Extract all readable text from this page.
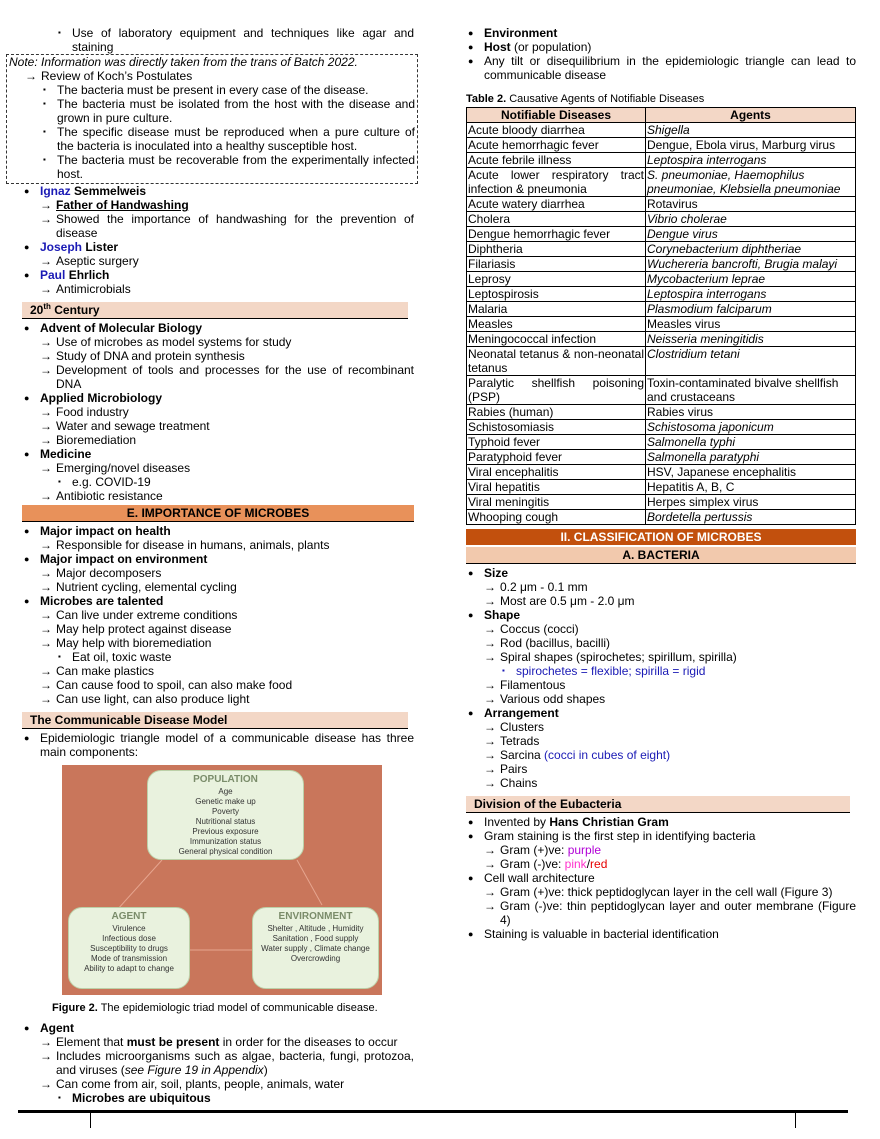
▪ Use of laboratory equipment and techniques like agar and staining
Note: Information was directly taken from the trans of Batch 2022.
→ Review of Koch’s Postulates
▪ The bacteria must be present in every case of the disease.
▪ The bacteria must be isolated from the host with the disease and grown in pure culture.
▪ The specific disease must be reproduced when a pure culture of the bacteria is inoculated into a healthy susceptible host.
▪ The bacteria must be recoverable from the experimentally infected host.
● Ignaz Semmelweis
→ Father of Handwashing
→ Showed the importance of handwashing for the prevention of disease
● Joseph Lister
→ Aseptic surgery
● Paul Ehrlich
→ Antimicrobials
20th Century
● Advent of Molecular Biology
→ Use of microbes as model systems for study
→ Study of DNA and protein synthesis
→ Development of tools and processes for the use of recombinant DNA
● Applied Microbiology
→ Food industry
→ Water and sewage treatment
→ Bioremediation
● Medicine
→ Emerging/novel diseases
▪ e.g. COVID-19
→ Antibiotic resistance
E. IMPORTANCE OF MICROBES
● Major impact on health
→ Responsible for disease in humans, animals, plants
● Major impact on environment
→ Major decomposers
→ Nutrient cycling, elemental cycling
● Microbes are talented
→ Can live under extreme conditions
→ May help protect against disease
→ May help with bioremediation
▪ Eat oil, toxic waste
→ Can make plastics
→ Can cause food to spoil, can also make food
→ Can use light, can also produce light
The Communicable Disease Model
● Epidemiologic triangle model of a communicable disease has three main components:
POPULATION
Age
Genetic make up
Poverty
Nutritional status
Previous exposure
Immunization status
General physical condition
AGENT
Virulence
Infectious dose
Susceptibility to drugs
Mode of transmission
Ability to adapt to change
ENVIRONMENT
Shelter , Altitude , Humidity
Sanitation , Food supply
Water supply , Climate change
Overcrowding
Figure 2. The epidemiologic triad model of communicable disease.
● Agent
→ Element that must be present in order for the diseases to occur
→ Includes microorganisms such as algae, bacteria, fungi, protozoa, and viruses (see Figure 19 in Appendix)
→ Can come from air, soil, plants, people, animals, water
▪ Microbes are ubiquitous
● Environment
● Host (or population)
● Any tilt or disequilibrium in the epidemiologic triangle can lead to communicable disease
Table 2. Causative Agents of Notifiable Diseases
Notifiable Diseases	Agents
Acute bloody diarrhea	Shigella
Acute hemorrhagic fever	Dengue, Ebola virus, Marburg virus
Acute febrile illness	Leptospira interrogans
Acute lower respiratory tract infection & pneumonia	S. pneumoniae, Haemophilus pneumoniae, Klebsiella pneumoniae
Acute watery diarrhea	Rotavirus
Cholera	Vibrio cholerae
Dengue hemorrhagic fever	Dengue virus
Diphtheria	Corynebacterium diphtheriae
Filariasis	Wuchereria bancrofti, Brugia malayi
Leprosy	Mycobacterium leprae
Leptospirosis	Leptospira interrogans
Malaria	Plasmodium falciparum
Measles	Measles virus
Meningococcal infection	Neisseria meningitidis
Neonatal tetanus & non-neonatal tetanus	Clostridium tetani
Paralytic shellfish poisoning (PSP)	Toxin-contaminated bivalve shellfish and crustaceans
Rabies (human)	Rabies virus
Schistosomiasis	Schistosoma japonicum
Typhoid fever	Salmonella typhi
Paratyphoid fever	Salmonella paratyphi
Viral encephalitis	HSV, Japanese encephalitis
Viral hepatitis	Hepatitis A, B, C
Viral meningitis	Herpes simplex virus
Whooping cough	Bordetella pertussis
II. CLASSIFICATION OF MICROBES
A. BACTERIA
● Size
→ 0.2 μm - 0.1 mm
→ Most are 0.5 μm - 2.0 μm
● Shape
→ Coccus (cocci)
→ Rod (bacillus, bacilli)
→ Spiral shapes (spirochetes; spirillum, spirilla)
▪ spirochetes = flexible; spirilla = rigid
→ Filamentous
→ Various odd shapes
● Arrangement
→ Clusters
→ Tetrads
→ Sarcina (cocci in cubes of eight)
→ Pairs
→ Chains
Division of the Eubacteria
● Invented by Hans Christian Gram
● Gram staining is the first step in identifying bacteria
→ Gram (+)ve: purple
→ Gram (-)ve: pink/red
● Cell wall architecture
→ Gram (+)ve: thick peptidoglycan layer in the cell wall (Figure 3)
→ Gram (-)ve: thin peptidoglycan layer and outer membrane (Figure 4)
● Staining is valuable in bacterial identification
